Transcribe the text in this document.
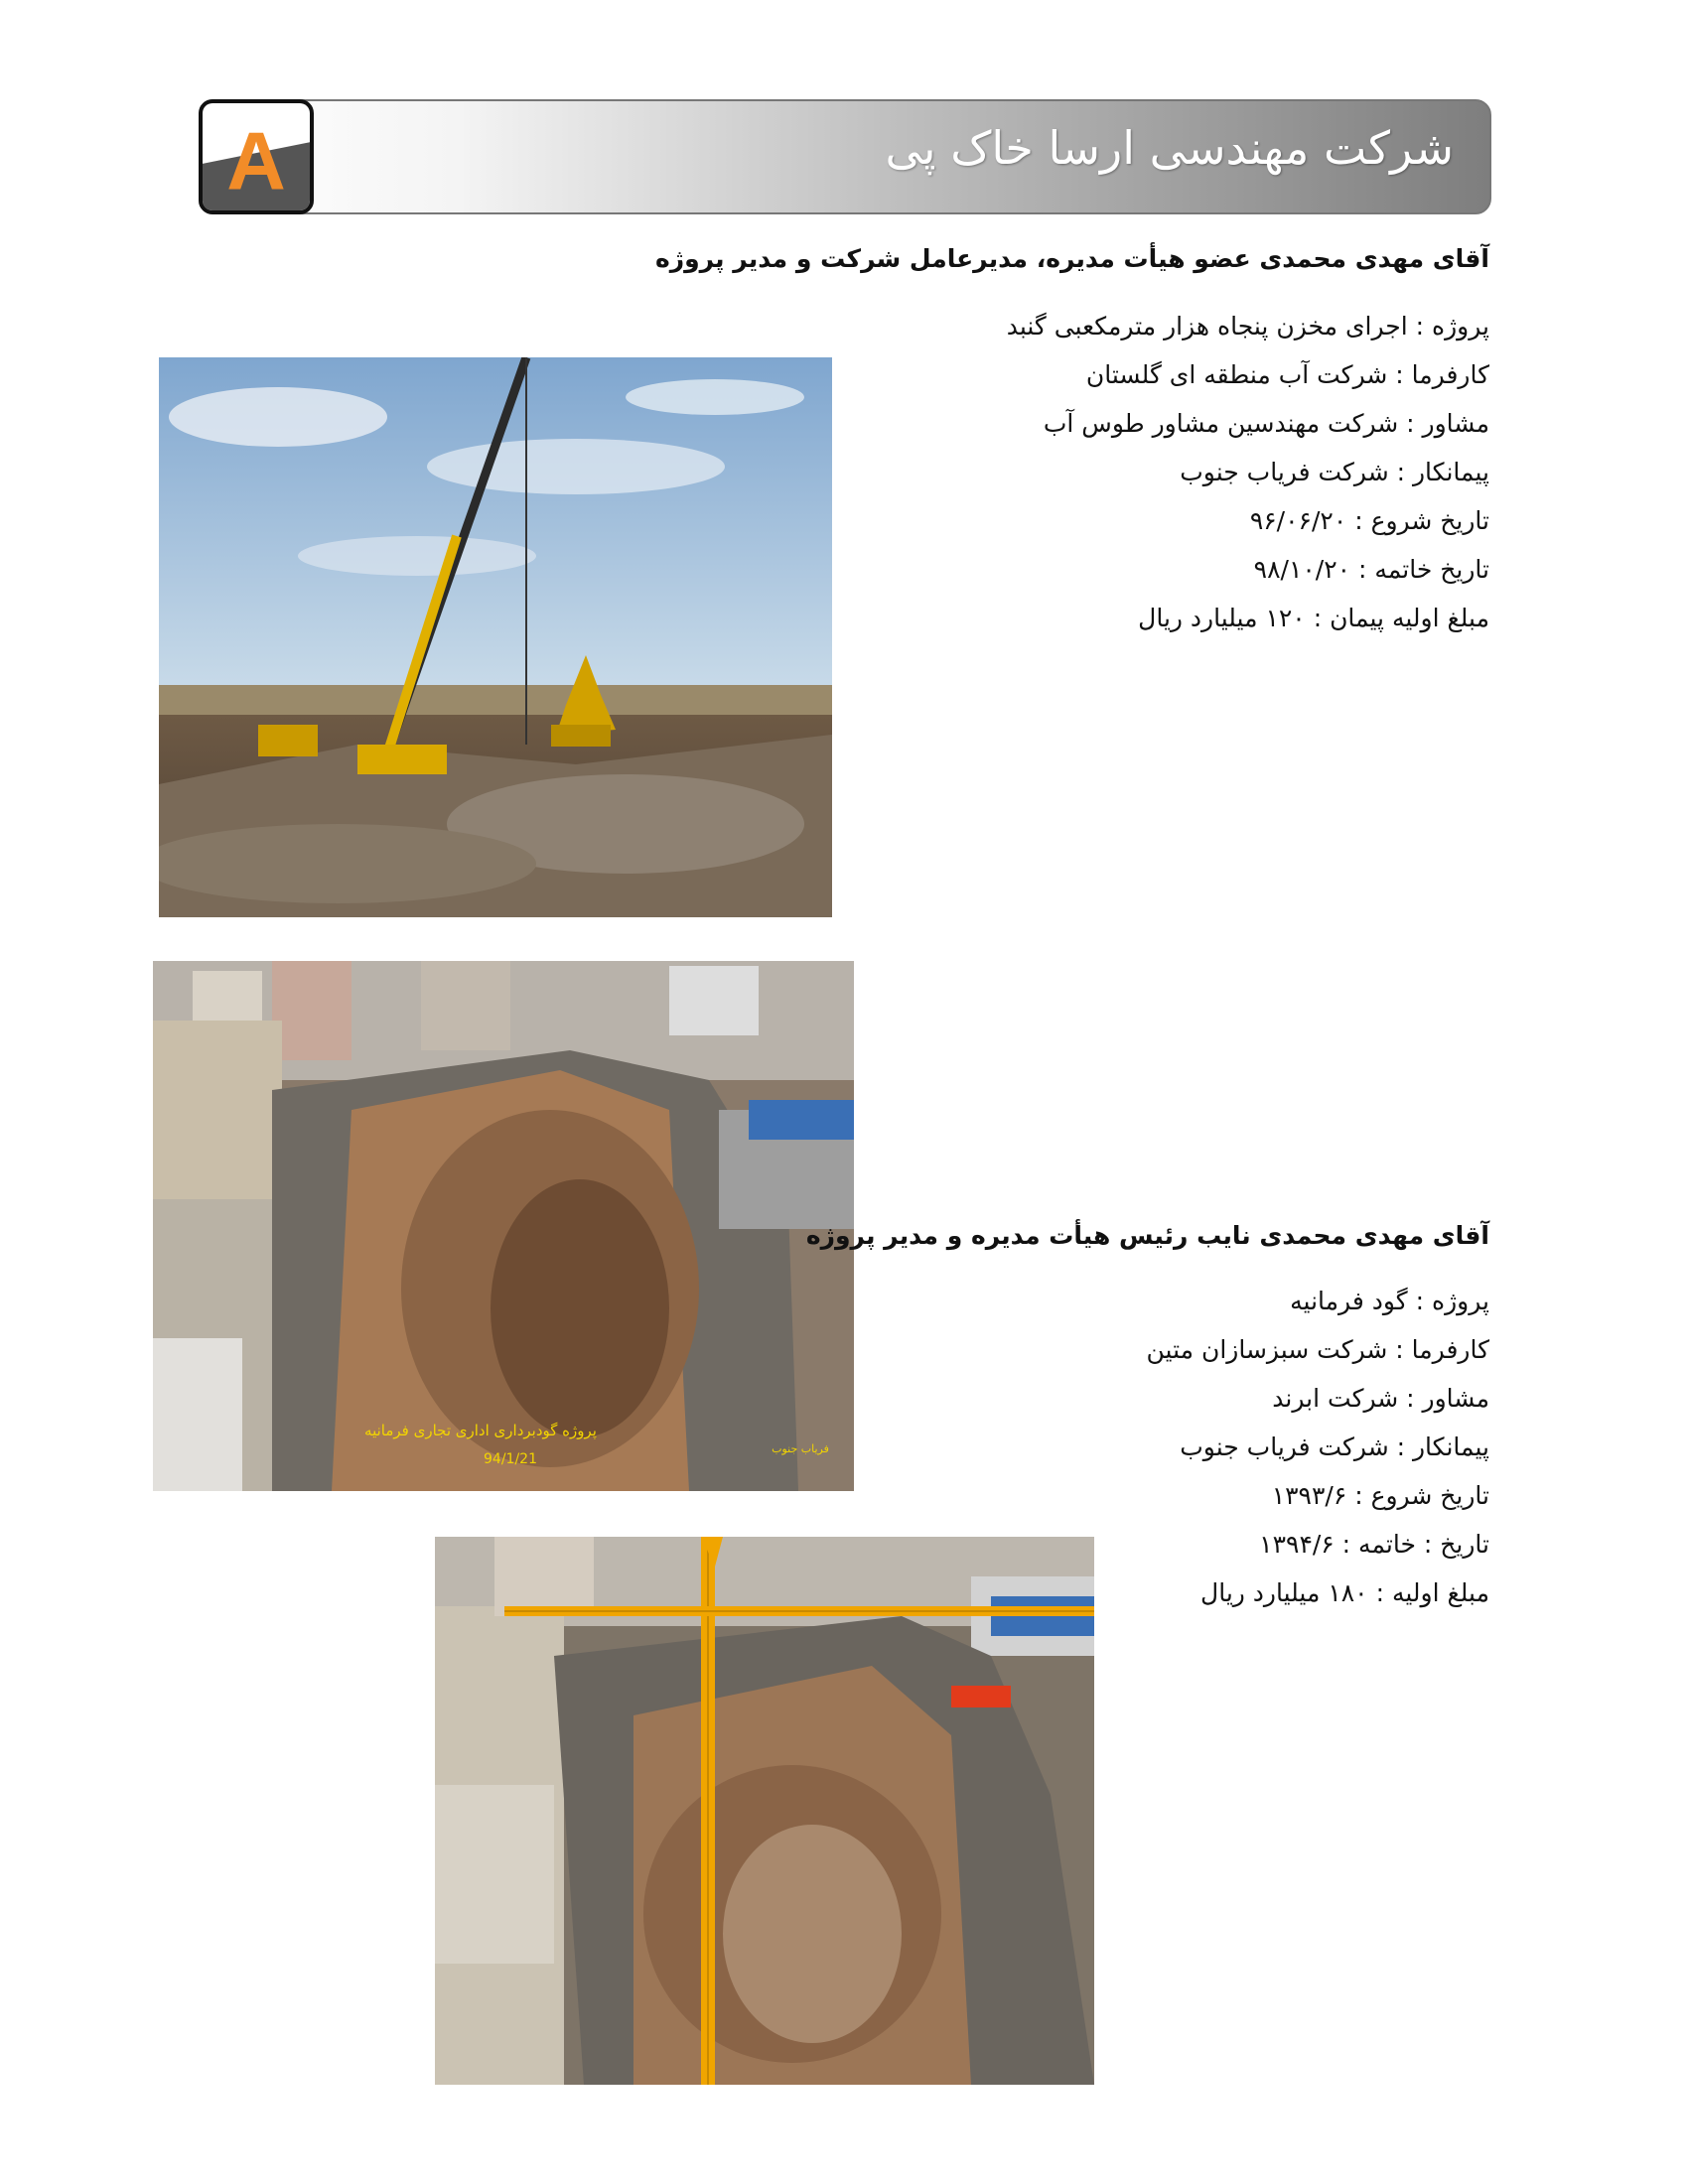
شرکت مهندسی ارسا خاک پی
A
آقای مهدی محمدی عضو هیأت مدیره، مدیرعامل شرکت و مدیر پروژه
پروژه : اجرای مخزن پنجاه هزار مترمکعبی گنبد
کارفرما : شرکت آب منطقه ای گلستان
مشاور : شرکت مهندسین مشاور طوس آب
پیمانکار : شرکت فریاب جنوب
تاریخ شروع : ۹۶/۰۶/۲۰
تاریخ خاتمه : ۹۸/۱۰/۲۰
مبلغ اولیه پیمان : ۱۲۰ میلیارد ریال
پروژه گودبرداری اداری تجاری فرمانیه
94/1/21
فریاب جنوب
آقای مهدی محمدی نایب رئیس هیأت مدیره و مدیر پروژه
پروژه : گود فرمانیه
کارفرما : شرکت سبزسازان متین
مشاور : شرکت ابرند
پیمانکار : شرکت فریاب جنوب
تاریخ شروع : ۱۳۹۳/۶
تاریخ : خاتمه : ۱۳۹۴/۶
مبلغ اولیه : ۱۸۰ میلیارد ریال
